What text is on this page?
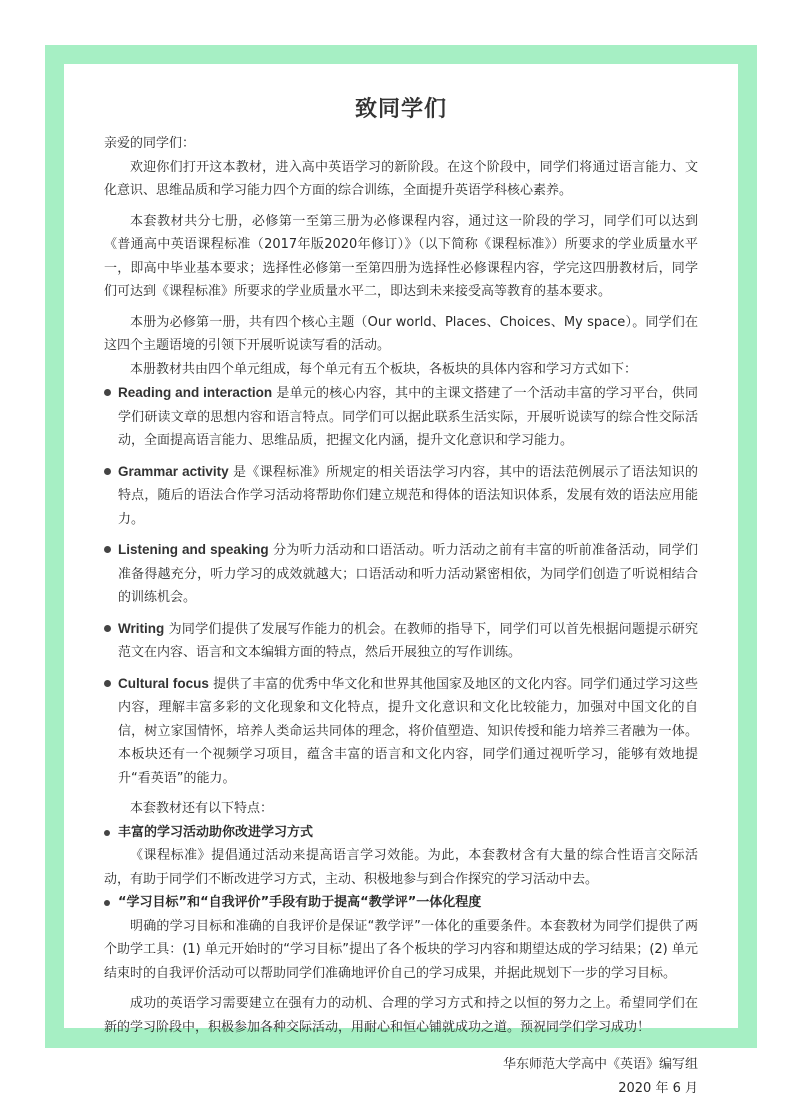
致同学们

亲爱的同学们：

欢迎你们打开这本教材，进入高中英语学习的新阶段。在这个阶段中，同学们将通过语言能力、文化意识、思维品质和学习能力四个方面的综合训练，全面提升英语学科核心素养。

本套教材共分七册，必修第一至第三册为必修课程内容，通过这一阶段的学习，同学们可以达到《普通高中英语课程标准（2017年版2020年修订）》（以下简称《课程标准》）所要求的学业质量水平一，即高中毕业基本要求；选择性必修第一至第四册为选择性必修课程内容，学完这四册教材后，同学们可达到《课程标准》所要求的学业质量水平二，即达到未来接受高等教育的基本要求。

本册为必修第一册，共有四个核心主题（Our world、Places、Choices、My space）。同学们在这四个主题语境的引领下开展听说读写看的活动。

本册教材共由四个单元组成，每个单元有五个板块，各板块的具体内容和学习方式如下：

Reading and interaction 是单元的核心内容，其中的主课文搭建了一个活动丰富的学习平台，供同学们研读文章的思想内容和语言特点。同学们可以据此联系生活实际，开展听说读写的综合性交际活动，全面提高语言能力、思维品质，把握文化内涵，提升文化意识和学习能力。

Grammar activity 是《课程标准》所规定的相关语法学习内容，其中的语法范例展示了语法知识的特点，随后的语法合作学习活动将帮助你们建立规范和得体的语法知识体系，发展有效的语法应用能力。

Listening and speaking 分为听力活动和口语活动。听力活动之前有丰富的听前准备活动，同学们准备得越充分，听力学习的成效就越大；口语活动和听力活动紧密相依，为同学们创造了听说相结合的训练机会。

Writing 为同学们提供了发展写作能力的机会。在教师的指导下，同学们可以首先根据问题提示研究范文在内容、语言和文本编辑方面的特点，然后开展独立的写作训练。

Cultural focus 提供了丰富的优秀中华文化和世界其他国家及地区的文化内容。同学们通过学习这些内容，理解丰富多彩的文化现象和文化特点，提升文化意识和文化比较能力，加强对中国文化的自信，树立家国情怀，培养人类命运共同体的理念，将价值塑造、知识传授和能力培养三者融为一体。本板块还有一个视频学习项目，蕴含丰富的语言和文化内容，同学们通过视听学习，能够有效地提升“看英语”的能力。

本套教材还有以下特点：

丰富的学习活动助你改进学习方式

《课程标准》提倡通过活动来提高语言学习效能。为此，本套教材含有大量的综合性语言交际活动，有助于同学们不断改进学习方式，主动、积极地参与到合作探究的学习活动中去。

“学习目标”和“自我评价”手段有助于提高“教学评”一体化程度

明确的学习目标和准确的自我评价是保证“教学评”一体化的重要条件。本套教材为同学们提供了两个助学工具：(1) 单元开始时的“学习目标”提出了各个板块的学习内容和期望达成的学习结果；(2) 单元结束时的自我评价活动可以帮助同学们准确地评价自己的学习成果，并据此规划下一步的学习目标。

成功的英语学习需要建立在强有力的动机、合理的学习方式和持之以恒的努力之上。希望同学们在新的学习阶段中，积极参加各种交际活动，用耐心和恒心铺就成功之道。预祝同学们学习成功！

华东师范大学高中《英语》编写组
2020 年 6 月
